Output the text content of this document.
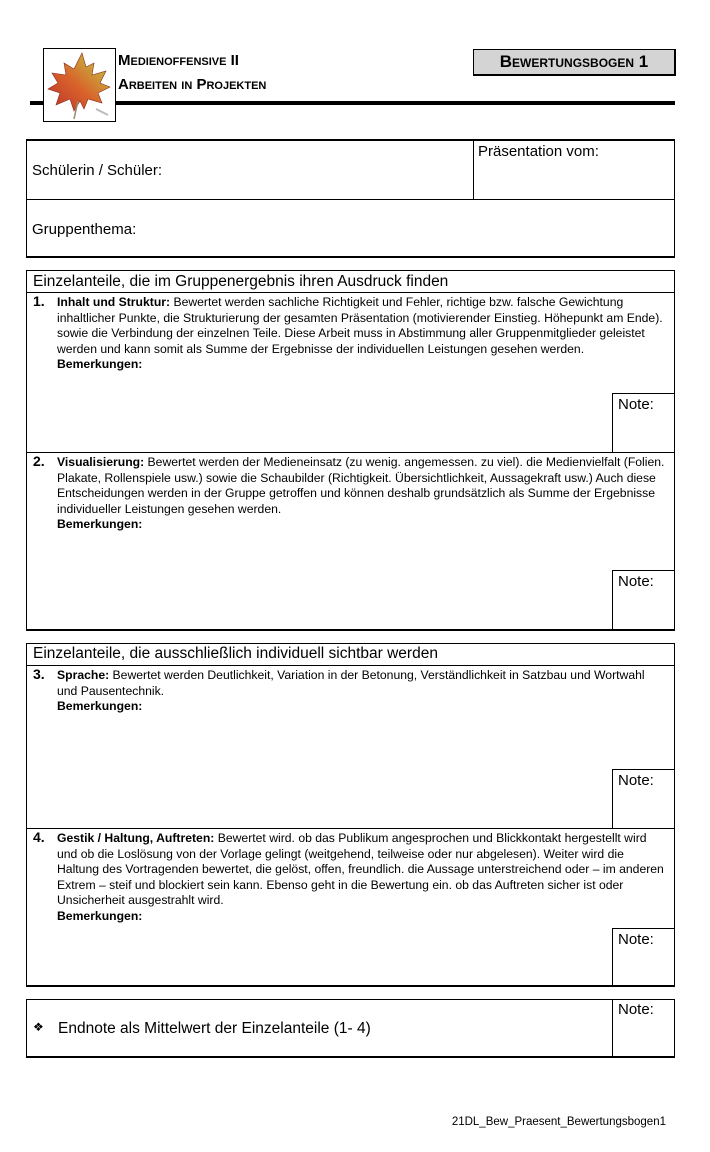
Medienoffensive II
Arbeiten in Projekten
Bewertungsbogen 1
Schülerin / Schüler:
Präsentation vom:
Gruppenthema:
Einzelanteile, die im Gruppenergebnis ihren Ausdruck finden
1. Inhalt und Struktur: Bewertet werden sachliche Richtigkeit und Fehler, richtige bzw. falsche Gewichtung inhaltlicher Punkte, die Strukturierung der gesamten Präsentation (motivierender Einstieg. Höhepunkt am Ende). sowie die Verbindung der einzelnen Teile. Diese Arbeit muss in Abstimmung aller Gruppenmitglieder geleistet werden und kann somit als Summe der Ergebnisse der individuellen Leistungen gesehen werden.
Bemerkungen:
Note:
2. Visualisierung: Bewertet werden der Medieneinsatz (zu wenig. angemessen. zu viel). die Medienvielfalt (Folien. Plakate, Rollenspiele usw.) sowie die Schaubilder (Richtigkeit. Übersichtlichkeit, Aussagekraft usw.) Auch diese Entscheidungen werden in der Gruppe getroffen und können deshalb grundsätzlich als Summe der Ergebnisse individueller Leistungen gesehen werden.
Bemerkungen:
Note:
Einzelanteile, die ausschließlich individuell sichtbar werden
3. Sprache: Bewertet werden Deutlichkeit, Variation in der Betonung, Verständlichkeit in Satzbau und Wortwahl und Pausentechnik.
Bemerkungen:
Note:
4. Gestik / Haltung, Auftreten: Bewertet wird. ob das Publikum angesprochen und Blickkontakt hergestellt wird und ob die Loslösung von der Vorlage gelingt (weitgehend, teilweise oder nur abgelesen). Weiter wird die Haltung des Vortragenden bewertet, die gelöst, offen, freundlich. die Aussage unterstreichend oder – im anderen Extrem – steif und blockiert sein kann. Ebenso geht in die Bewertung ein. ob das Auftreten sicher ist oder Unsicherheit ausgestrahlt wird.
Bemerkungen:
Note:
❖ Endnote als Mittelwert der Einzelanteile (1- 4)
Note:
21DL_Bew_Praesent_Bewertungsbogen1
